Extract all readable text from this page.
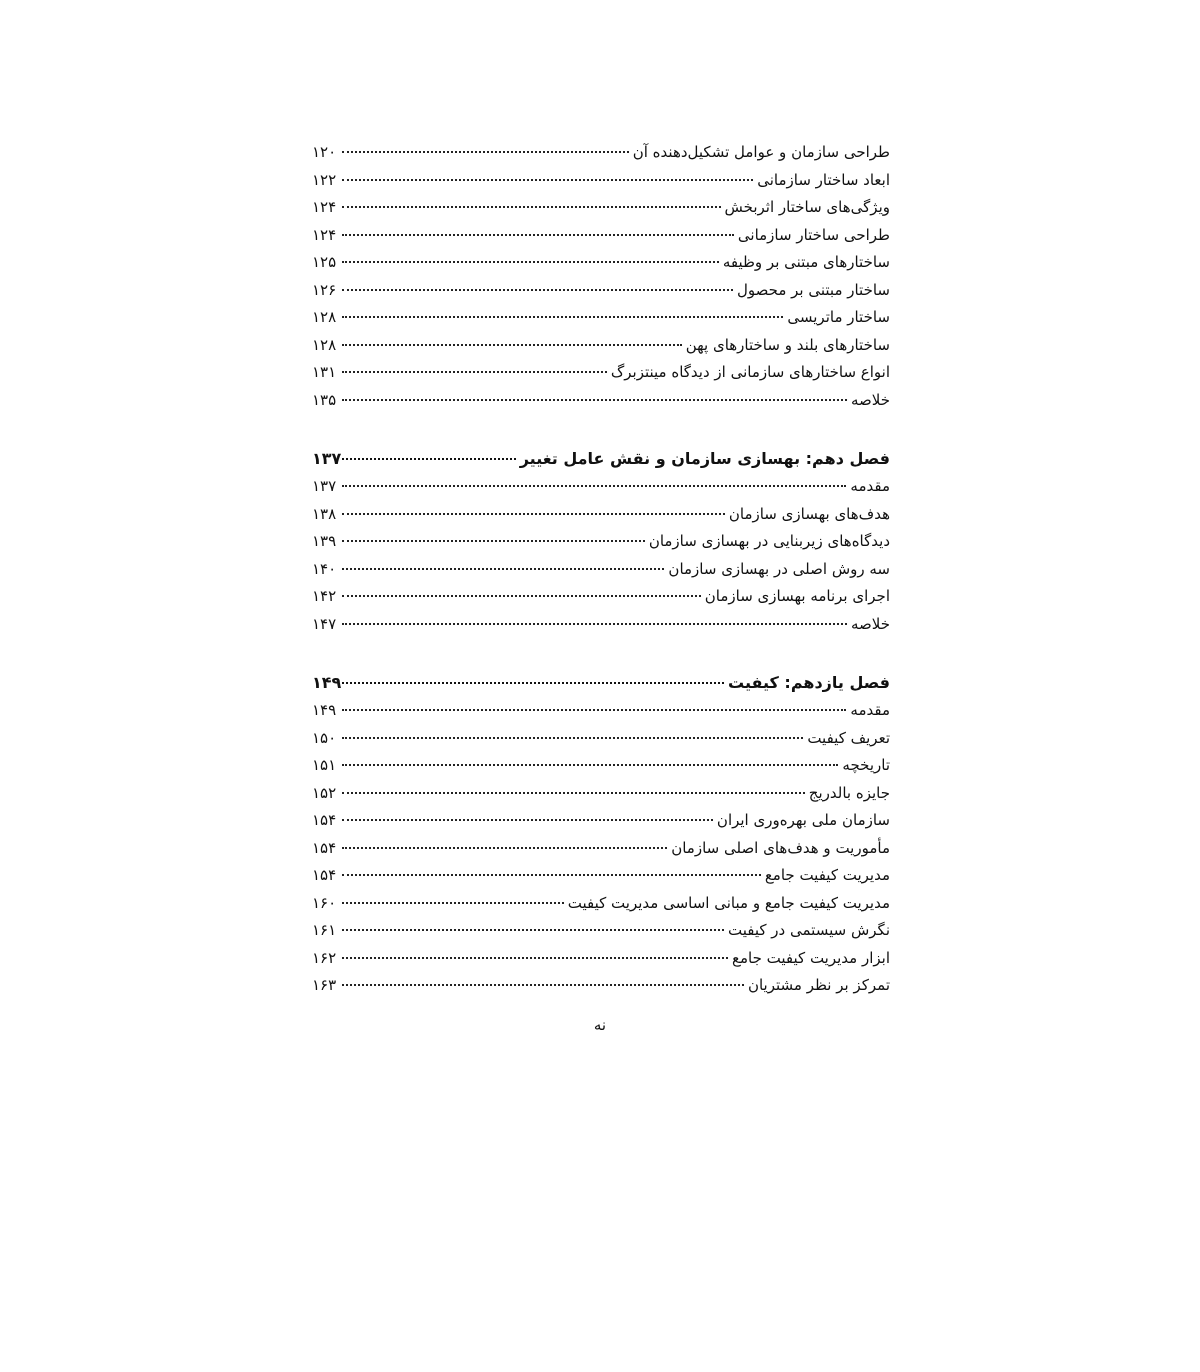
طراحی سازمان و عوامل تشکیل‌دهنده آن
۱۲۰
ابعاد ساختار سازمانی
۱۲۲
ویژگی‌های ساختار اثربخش
۱۲۴
طراحی ساختار سازمانی
۱۲۴
ساختارهای مبتنی بر وظیفه
۱۲۵
ساختار مبتنی بر محصول
۱۲۶
ساختار ماتریسی
۱۲۸
ساختارهای بلند و ساختارهای پهن
۱۲۸
انواع ساختارهای سازمانی از دیدگاه مینتزبرگ
۱۳۱
خلاصه
۱۳۵
فصل دهم: بهسازی سازمان و نقش عامل تغییر
۱۳۷
مقدمه
۱۳۷
هدف‌های بهسازی سازمان
۱۳۸
دیدگاه‌های زیربنایی در بهسازی سازمان
۱۳۹
سه روش اصلی در بهسازی سازمان
۱۴۰
اجرای برنامه بهسازی سازمان
۱۴۲
خلاصه
۱۴۷
فصل یازدهم: کیفیت
۱۴۹
مقدمه
۱۴۹
تعریف کیفیت
۱۵۰
تاریخچه
۱۵۱
جایزه بالدریج
۱۵۲
سازمان ملی بهره‌وری ایران
۱۵۴
مأموریت و هدف‌های اصلی سازمان
۱۵۴
مدیریت کیفیت جامع
۱۵۴
مدیریت کیفیت جامع و مبانی اساسی مدیریت کیفیت
۱۶۰
نگرش سیستمی در کیفیت
۱۶۱
ابزار مدیریت کیفیت جامع
۱۶۲
تمرکز بر نظر مشتریان
۱۶۳
نه
